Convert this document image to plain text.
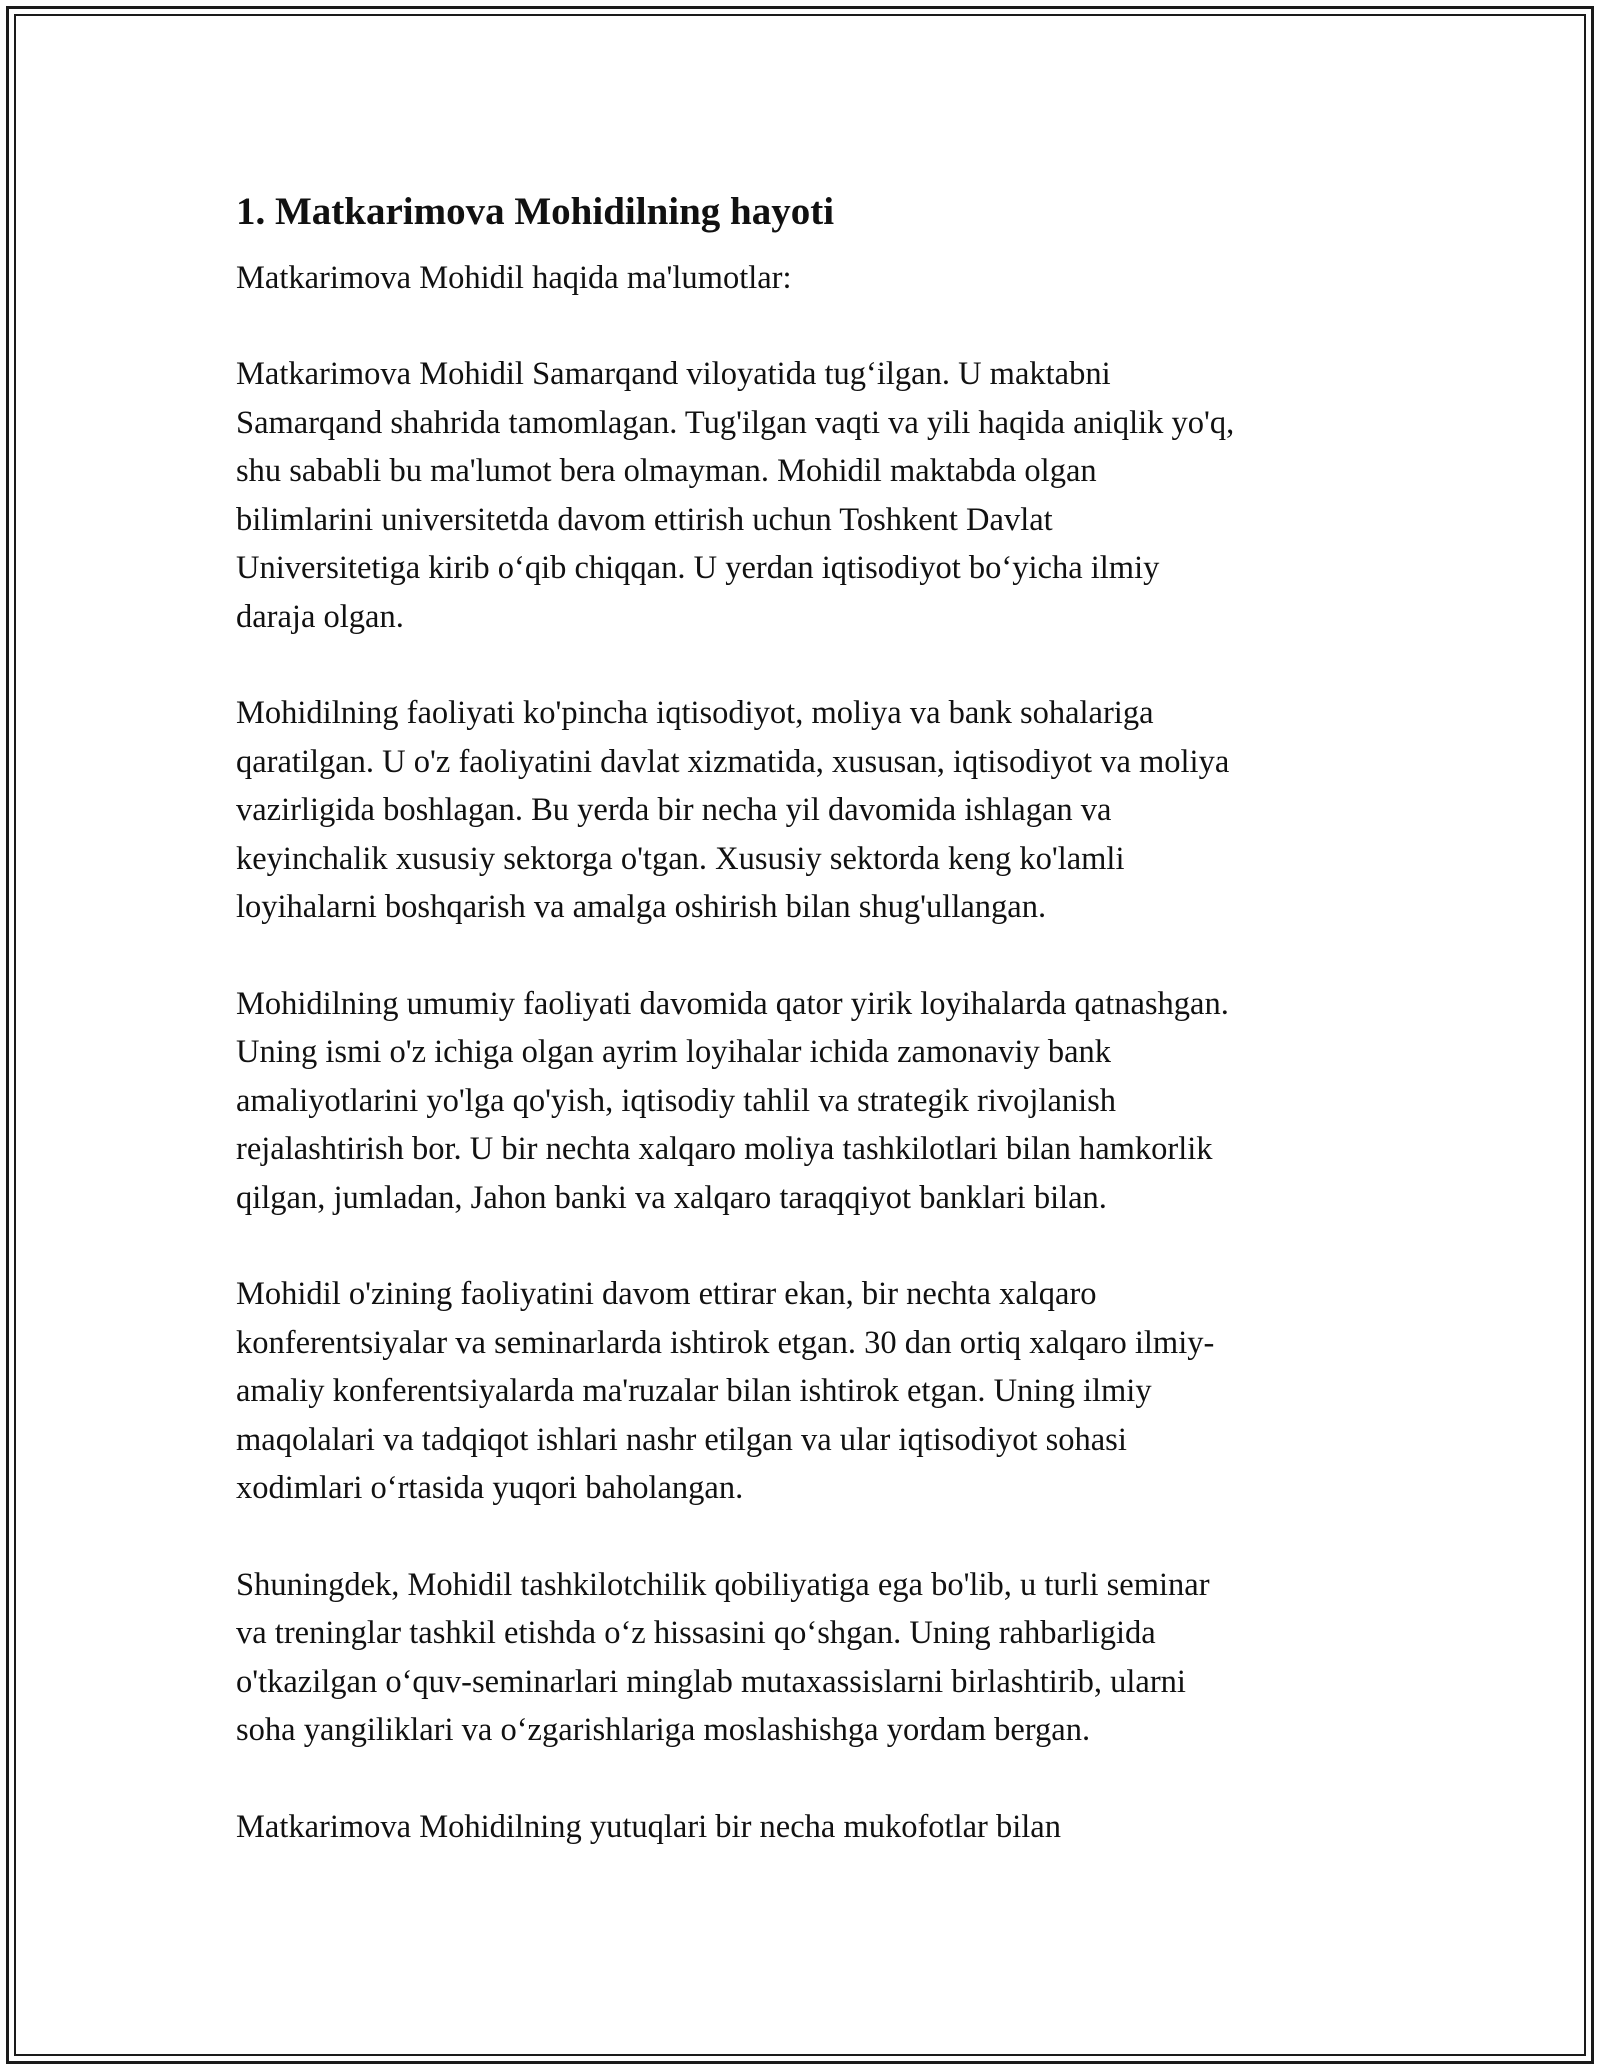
1. Matkarimova Mohidilning hayoti

Matkarimova Mohidil haqida ma'lumotlar:

Matkarimova Mohidil Samarqand viloyatida tug‘ilgan. U maktabni
Samarqand shahrida tamomlagan. Tug'ilgan vaqti va yili haqida aniqlik yo'q,
shu sababli bu ma'lumot bera olmayman. Mohidil maktabda olgan
bilimlarini universitetda davom ettirish uchun Toshkent Davlat
Universitetiga kirib o‘qib chiqqan. U yerdan iqtisodiyot bo‘yicha ilmiy
daraja olgan.

Mohidilning faoliyati ko'pincha iqtisodiyot, moliya va bank sohalariga
qaratilgan. U o'z faoliyatini davlat xizmatida, xususan, iqtisodiyot va moliya
vazirligida boshlagan. Bu yerda bir necha yil davomida ishlagan va
keyinchalik xususiy sektorga o'tgan. Xususiy sektorda keng ko'lamli
loyihalarni boshqarish va amalga oshirish bilan shug'ullangan.

Mohidilning umumiy faoliyati davomida qator yirik loyihalarda qatnashgan.
Uning ismi o'z ichiga olgan ayrim loyihalar ichida zamonaviy bank
amaliyotlarini yo'lga qo'yish, iqtisodiy tahlil va strategik rivojlanish
rejalashtirish bor. U bir nechta xalqaro moliya tashkilotlari bilan hamkorlik
qilgan, jumladan, Jahon banki va xalqaro taraqqiyot banklari bilan.

Mohidil o'zining faoliyatini davom ettirar ekan, bir nechta xalqaro
konferentsiyalar va seminarlarda ishtirok etgan. 30 dan ortiq xalqaro ilmiy-
amaliy konferentsiyalarda ma'ruzalar bilan ishtirok etgan. Uning ilmiy
maqolalari va tadqiqot ishlari nashr etilgan va ular iqtisodiyot sohasi
xodimlari o‘rtasida yuqori baholangan.

Shuningdek, Mohidil tashkilotchilik qobiliyatiga ega bo'lib, u turli seminar
va treninglar tashkil etishda o‘z hissasini qo‘shgan. Uning rahbarligida
o'tkazilgan o‘quv-seminarlari minglab mutaxassislarni birlashtirib, ularni
soha yangiliklari va o‘zgarishlariga moslashishga yordam bergan.

Matkarimova Mohidilning yutuqlari bir necha mukofotlar bilan
